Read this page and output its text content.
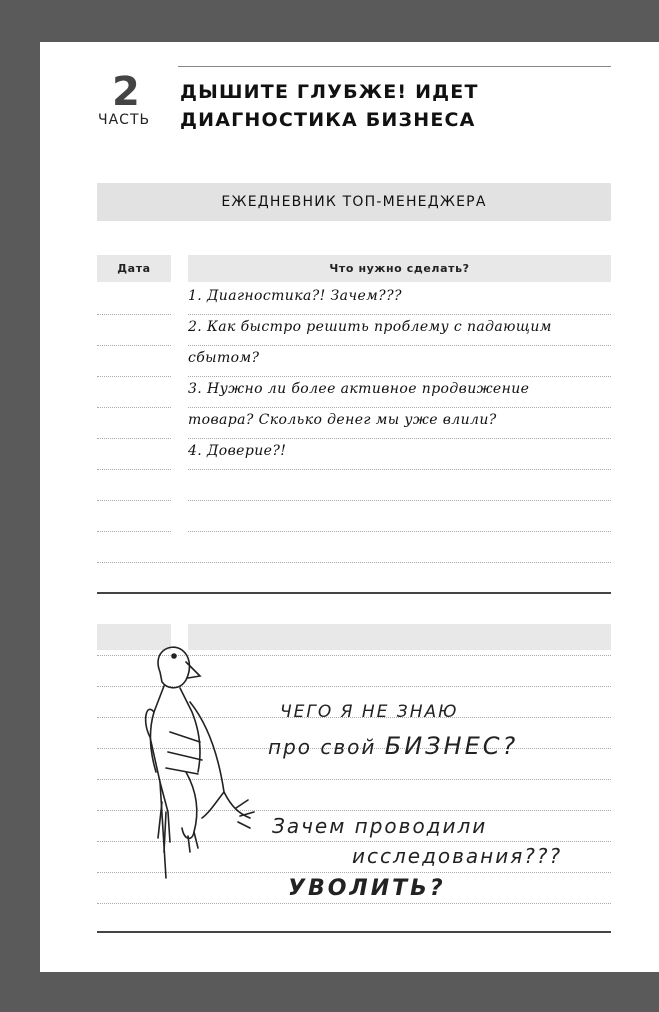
2
ЧАСТЬ
ДЫШИТЕ ГЛУБЖЕ! ИДЕТ
ДИАГНОСТИКА БИЗНЕСА
ЕЖЕДНЕВНИК ТОП-МЕНЕДЖЕРА
Дата	Что нужно сделать?
1. Диагностика?! Зачем???
2. Как быстро решить проблему с падающим
сбытом?
3. Нужно ли более активное продвижение
товара? Сколько денег мы уже влили?
4. Доверие?!
ЧЕГО Я НЕ ЗНАЮ
про свой БИЗНЕС?
Зачем проводили
исследования???
УВОЛИТЬ?
